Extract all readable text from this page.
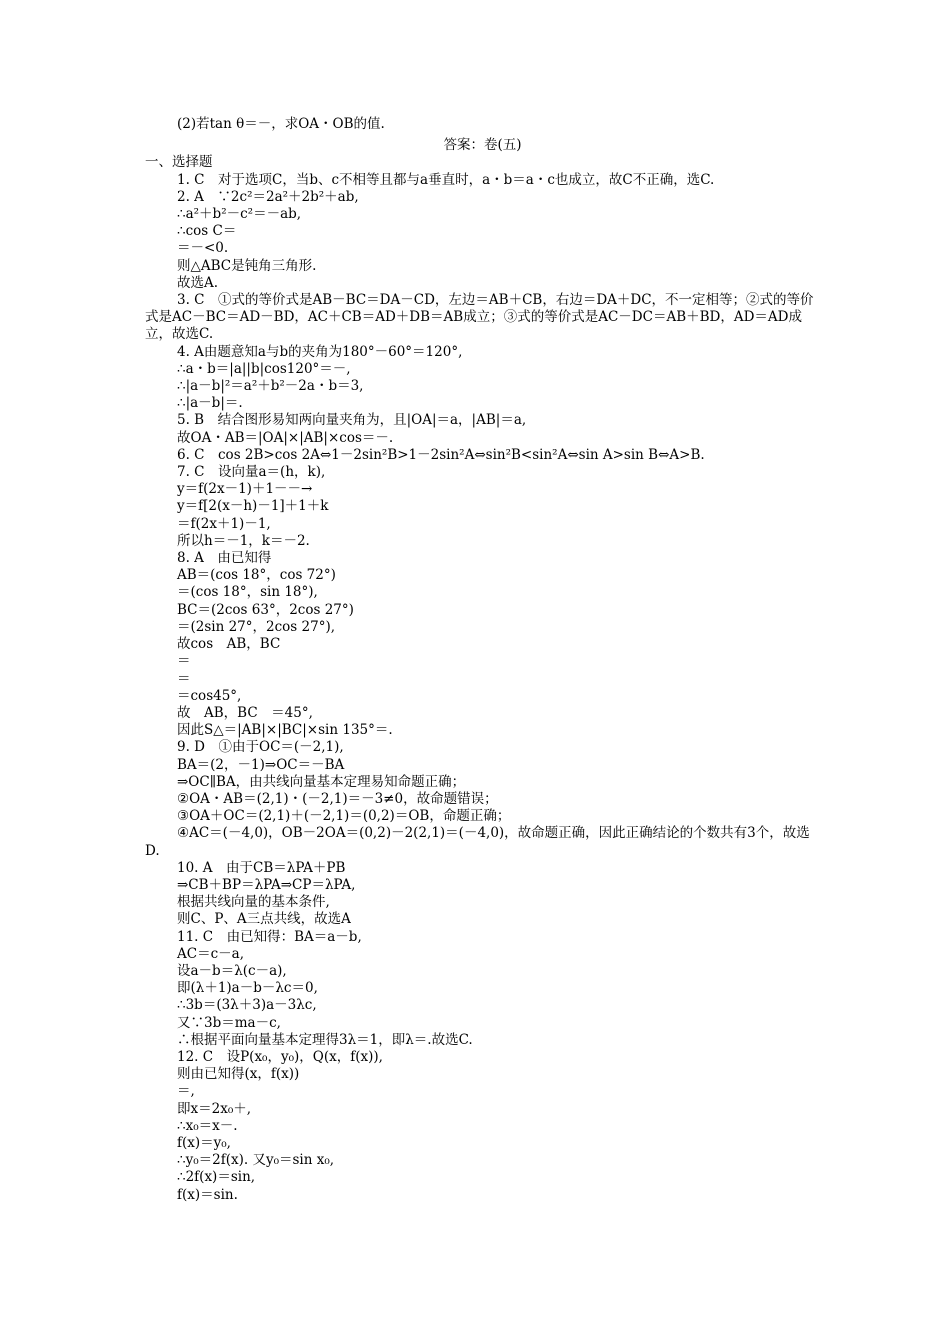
(2)若tan θ＝－，求OA・OB的值.
答案：卷(五)
一、选择题
1. C　对于选项C，当b、c不相等且都与a垂直时，a・b＝a・c也成立，故C不正确，选C.
2. A　∵2c²＝2a²＋2b²＋ab,
∴a²＋b²－c²＝－ab,
∴cos C＝
＝－<0.
则△ABC是钝角三角形.
故选A.
3. C　①式的等价式是AB－BC＝DA－CD，左边＝AB＋CB，右边＝DA＋DC，不一定相等；②式的等价式是AC－BC＝AD－BD，AC＋CB＝AD＋DB＝AB成立；③式的等价式是AC－DC＝AB＋BD，AD＝AD成立，故选C.
4. A由题意知a与b的夹角为180°－60°＝120°,
∴a・b＝|a||b|cos120°＝－,
∴|a－b|²＝a²＋b²－2a・b＝3,
∴|a－b|＝.
5. B　结合图形易知两向量夹角为，且|OA|＝a，|AB|＝a,
故OA・AB＝|OA|×|AB|×cos＝－.
6. C　cos 2B>cos 2A⇔1－2sin²B>1－2sin²A⇔sin²B<sin²A⇔sin A>sin B⇔A>B.
7. C　设向量a＝(h，k),
y＝f(2x－1)＋1－－→
y＝f[2(x－h)－1]＋1＋k
＝f(2x＋1)－1,
所以h＝－1，k＝－2.
8. A　由已知得
AB＝(cos 18°，cos 72°)
＝(cos 18°，sin 18°),
BC＝(2cos 63°，2cos 27°)
＝(2sin 27°，2cos 27°),
故cos　AB，BC
＝
＝
＝cos45°,
故　AB，BC　＝45°,
因此S△＝|AB|×|BC|×sin 135°＝.
9. D　①由于OC＝(－2,1),
BA＝(2，－1)⇒OC＝－BA
⇒OC∥BA，由共线向量基本定理易知命题正确；
②OA・AB＝(2,1)・(－2,1)＝－3≠0，故命题错误；
③OA＋OC＝(2,1)＋(－2,1)＝(0,2)＝OB，命题正确；
④AC＝(－4,0)，OB－2OA＝(0,2)－2(2,1)＝(－4,0)，故命题正确，因此正确结论的个数共有3个，故选D.
10. A　由于CB＝λPA＋PB
⇒CB＋BP＝λPA⇒CP＝λPA,
根据共线向量的基本条件,
则C、P、A三点共线，故选A
11. C　由已知得：BA＝a－b,
AC＝c－a,
设a－b＝λ(c－a),
即(λ＋1)a－b－λc＝0,
∴3b＝(3λ＋3)a－3λc,
又∵3b＝ma－c,
∴根据平面向量基本定理得3λ＝1，即λ＝.故选C.
12. C　设P(x₀，y₀)，Q(x，f(x)),
则由已知得(x，f(x))
＝,
即x＝2x₀＋,
∴x₀＝x－.
f(x)＝y₀,
∴y₀＝2f(x). 又y₀＝sin x₀,
∴2f(x)＝sin,
f(x)＝sin.
